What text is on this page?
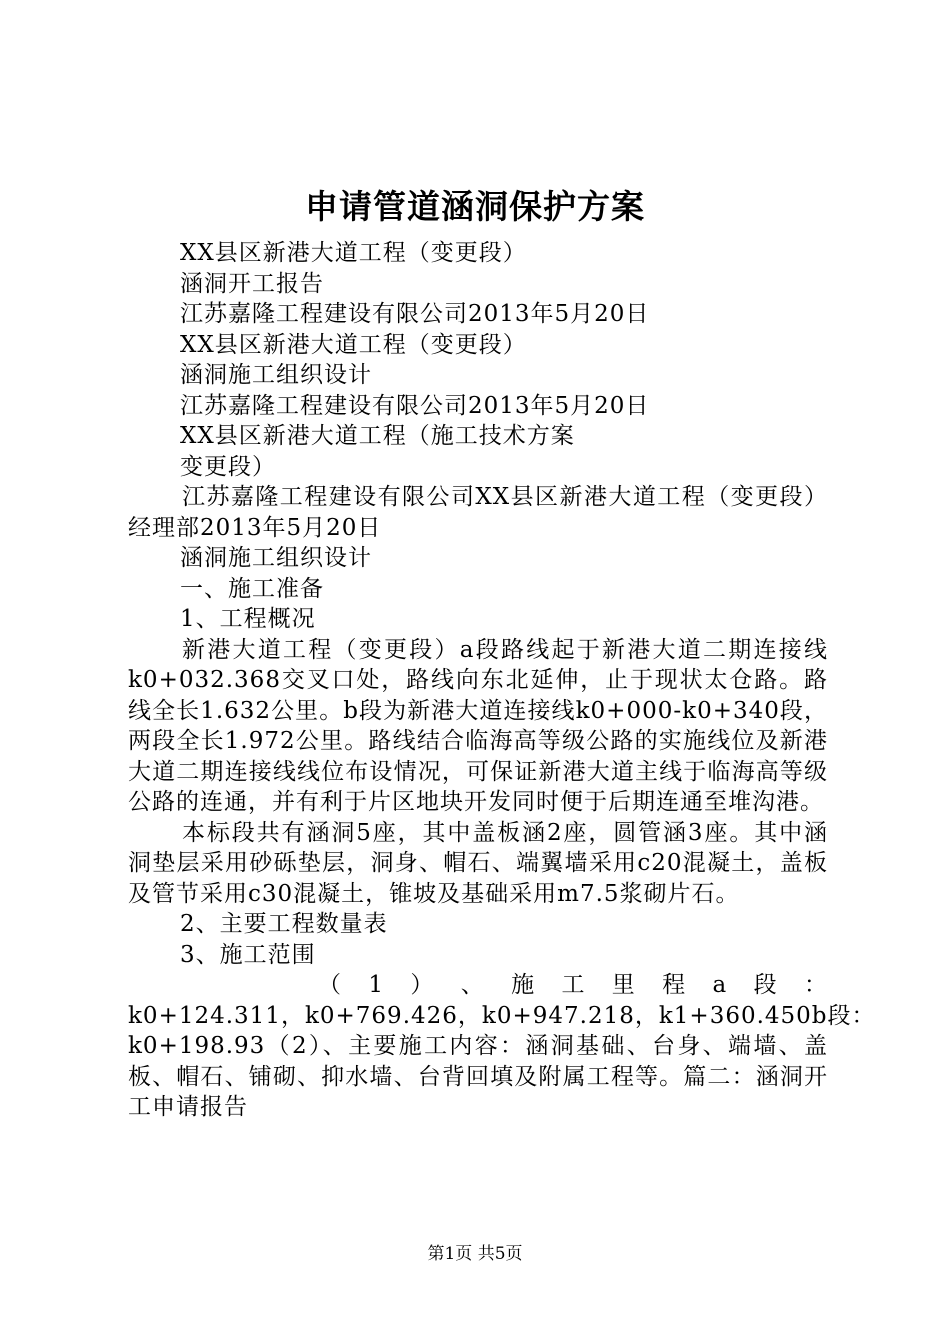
申请管道涵洞保护方案

XX县区新港大道工程（变更段）

涵洞开工报告

江苏嘉隆工程建设有限公司2013年5月20日

XX县区新港大道工程（变更段）

涵洞施工组织设计

江苏嘉隆工程建设有限公司2013年5月20日

XX县区新港大道工程（施工技术方案

变更段）

江苏嘉隆工程建设有限公司XX县区新港大道工程（变更段）经理部2013年5月20日

涵洞施工组织设计

一、施工准备

1、工程概况

新港大道工程（变更段）a段路线起于新港大道二期连接线k0+032.368交叉口处，路线向东北延伸，止于现状太仓路。路线全长1.632公里。b段为新港大道连接线k0+000-k0+340段，两段全长1.972公里。路线结合临海高等级公路的实施线位及新港大道二期连接线线位布设情况，可保证新港大道主线于临海高等级公路的连通，并有利于片区地块开发同时便于后期连通至堆沟港。

本标段共有涵洞5座，其中盖板涵2座，圆管涵3座。其中涵洞垫层采用砂砾垫层，洞身、帽石、端翼墙采用c20混凝土，盖板及管节采用c30混凝土，锥坡及基础采用m7.5浆砌片石。

2、主要工程数量表

3、施工范围

（ 1 ） 、 施 工 里 程 a 段 ：

k0+124.311 ， k0+769.426 ， k0+947.218 ， k1+360.450b 段 ：

k0+198.93（2）、主要施工内容：涵洞基础、台身、端墙、盖板、帽石、铺砌、抑水墙、台背回填及附属工程等。篇二：涵洞开工申请报告

第1页 共5页
